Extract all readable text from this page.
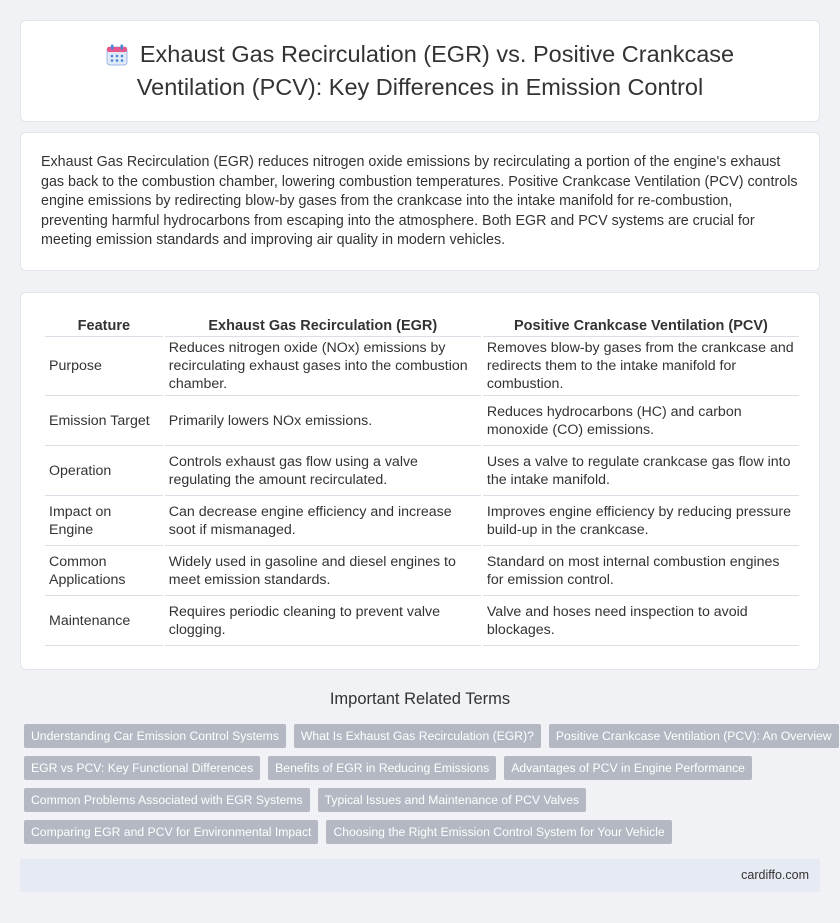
Exhaust Gas Recirculation (EGR) vs. Positive Crankcase Ventilation (PCV): Key Differences in Emission Control

Exhaust Gas Recirculation (EGR) reduces nitrogen oxide emissions by recirculating a portion of the engine's exhaust gas back to the combustion chamber, lowering combustion temperatures. Positive Crankcase Ventilation (PCV) controls engine emissions by redirecting blow-by gases from the crankcase into the intake manifold for re-combustion, preventing harmful hydrocarbons from escaping into the atmosphere. Both EGR and PCV systems are crucial for meeting emission standards and improving air quality in modern vehicles.

Feature	Exhaust Gas Recirculation (EGR)	Positive Crankcase Ventilation (PCV)
Purpose	Reduces nitrogen oxide (NOx) emissions by recirculating exhaust gases into the combustion chamber.	Removes blow-by gases from the crankcase and redirects them to the intake manifold for combustion.
Emission Target	Primarily lowers NOx emissions.	Reduces hydrocarbons (HC) and carbon monoxide (CO) emissions.
Operation	Controls exhaust gas flow using a valve regulating the amount recirculated.	Uses a valve to regulate crankcase gas flow into the intake manifold.
Impact on Engine	Can decrease engine efficiency and increase soot if mismanaged.	Improves engine efficiency by reducing pressure build-up in the crankcase.
Common Applications	Widely used in gasoline and diesel engines to meet emission standards.	Standard on most internal combustion engines for emission control.
Maintenance	Requires periodic cleaning to prevent valve clogging.	Valve and hoses need inspection to avoid blockages.
Important Related Terms
Understanding Car Emission Control Systems	What Is Exhaust Gas Recirculation (EGR)?	Positive Crankcase Ventilation (PCV): An Overview
EGR vs PCV: Key Functional Differences	Benefits of EGR in Reducing Emissions	Advantages of PCV in Engine Performance
Common Problems Associated with EGR Systems	Typical Issues and Maintenance of PCV Valves
Comparing EGR and PCV for Environmental Impact	Choosing the Right Emission Control System for Your Vehicle
cardiffo.com
